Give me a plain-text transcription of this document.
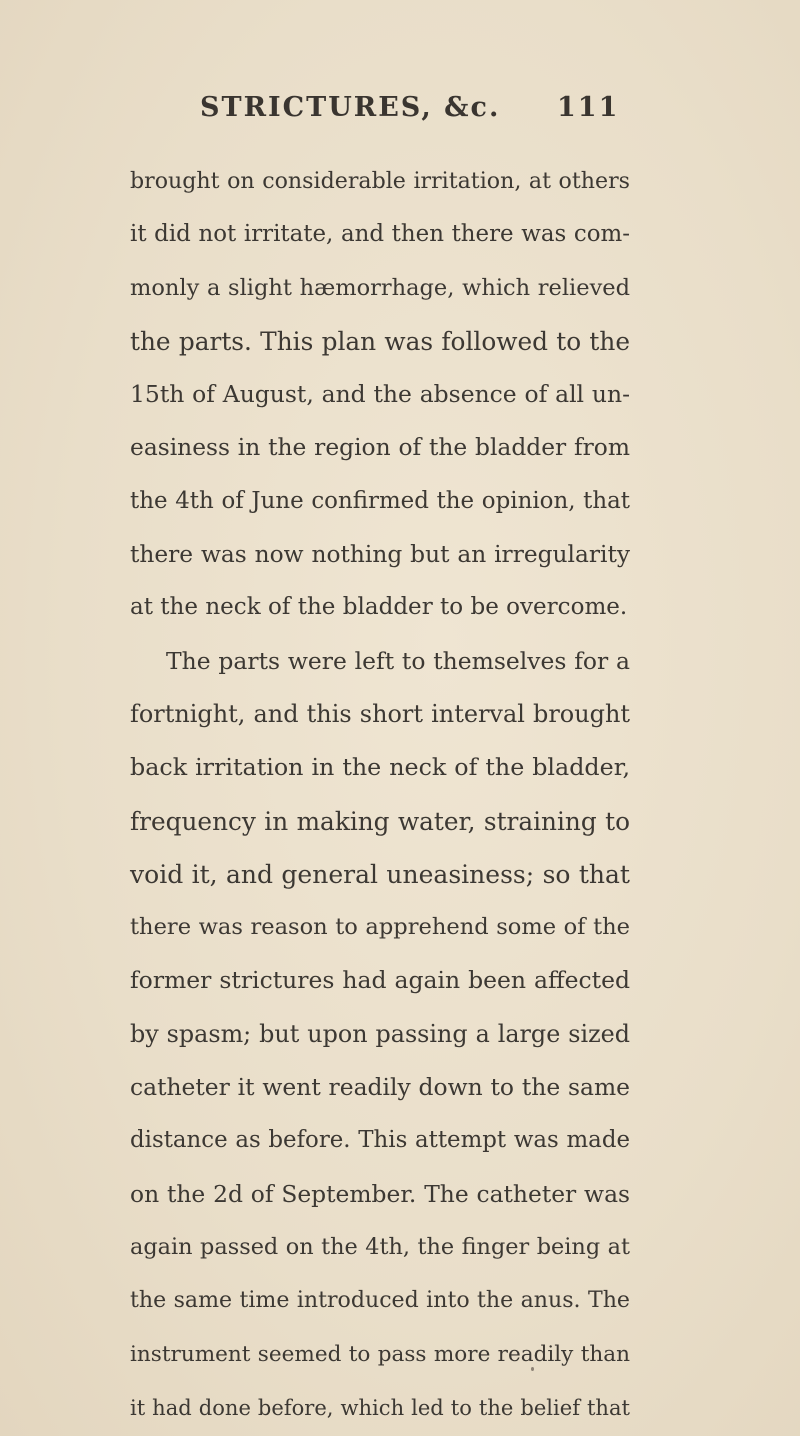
STRICTURES, &c. 111
brought on considerable irritation, at others
it did not irritate, and then there was com-
monly a slight hæmorrhage, which relieved
the parts. This plan was followed to the
15th of August, and the absence of all un-
easiness in the region of the bladder from
the 4th of June confirmed the opinion, that
there was now nothing but an irregularity
at the neck of the bladder to be overcome.
The parts were left to themselves for a
fortnight, and this short interval brought
back irritation in the neck of the bladder,
frequency in making water, straining to
void it, and general uneasiness; so that
there was reason to apprehend some of the
former strictures had again been affected
by spasm; but upon passing a large sized
catheter it went readily down to the same
distance as before. This attempt was made
on the 2d of September. The catheter was
again passed on the 4th, the finger being at
the same time introduced into the anus. The
instrument seemed to pass more readily than
it had done before, which led to the belief that
